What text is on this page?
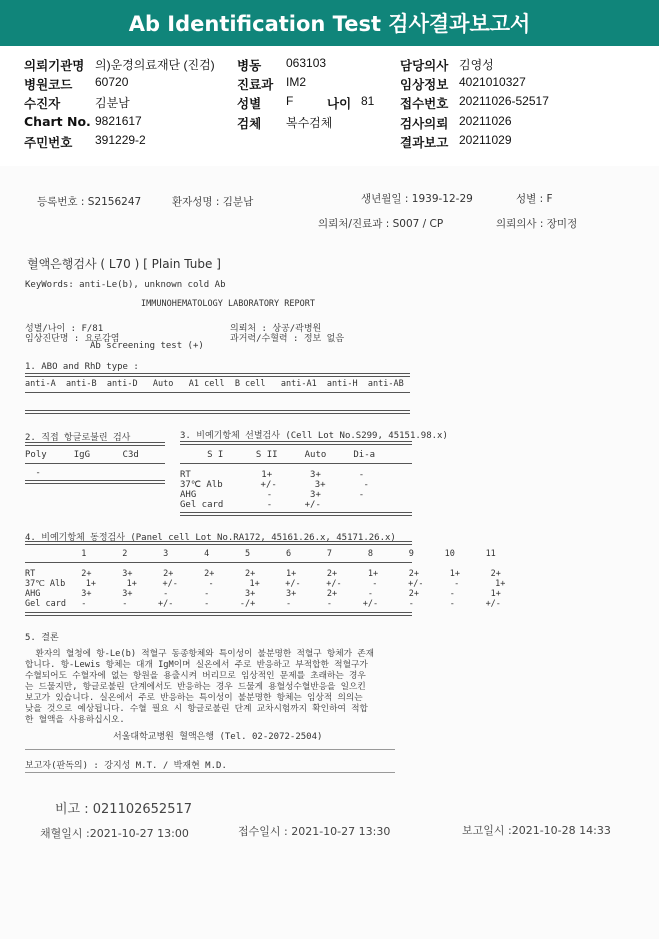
Ab Identification Test 검사결과보고서
의뢰기관명 의)운경의료재단 (진검)
병원코드 60720
수진자	김분남
Chart No. 9821617
주민번호 391229-2
병동 063103
진료과 IM2
성별 F	나이 81
검체 복수검체
담당의사 김영성
임상정보 4021010327
접수번호 20211026-52517
검사의뢰 20211026
결과보고 20211029
등록번호 : S2156247	환자성명 : 김분남	생년월일 : 1939-12-29	성별 : F
의뢰처/진료과 : S007 / CP	의뢰의사 : 장미정
혈액은행검사 ( L70 ) [ Plain Tube ]
KeyWords: anti-Le(b), unknown cold Ab
IMMUNOHEMATOLOGY LABORATORY REPORT
성별/나이 : F/81
임상진단명 : 요로감염
Ab screening test (+)
의뢰처 : 상공/곽병원
과거력/수혈력 : 정보 없음
1. ABO and RhD type :
anti-A  anti-B  anti-D   Auto   A1 cell  B cell   anti-A1  anti-H  anti-AB
2. 직접 항글로불린 검사
Poly     IgG      C3d
-
3. 비예기항체 선별검사 (Cell Lot No.S299, 45151.98.x)
S I      S II     Auto     Di-a
RT             1+       3+       -
37℃ Alb       +/-       3+       -
AHG             -       3+       -
Gel card        -      +/-
4. 비예기항체 동정검사 (Panel cell Lot No.RA172, 45161.26.x, 45171.26.x)
1       2       3       4       5       6       7       8       9      10      11
RT         2+      3+      2+      2+      2+      1+      2+      1+      2+      1+      2+
37℃ Alb    1+      1+     +/-      -       1+     +/-     +/-      -      +/-      -       1+
AHG        3+      3+      -       -       3+      3+      2+      -       2+      -       1+
Gel card   -       -      +/-      -      -/+      -       -      +/-      -       -      +/-
5. 결론
환자의 혈청에 항-Le(b) 적혈구 동종항체와 특이성이 불분명한 적혈구 항체가 존재
합니다. 항-Lewis 항체는 대개 IgM이며 실온에서 주로 반응하고 부적합한 적혈구가
수혈되어도 수혈자에 없는 항원을 용출시켜 버리므로 임상적인 문제를 초래하는 경우
는 드물지만, 항글로불린 단계에서도 반응하는 경우 드물게 용혈성수혈반응을 일으킨
보고가 있습니다. 실온에서 주로 반응하는 특이성이 불분명한 항체는 임상적 의의는
낮을 것으로 예상됩니다. 수혈 필요 시 항글로불린 단계 교차시험까지 확인하여 적합
한 혈액을 사용하십시오.
서울대학교병원 혈액은행 (Tel. 02-2072-2504)
보고자(판독의) : 강지성 M.T. / 박재현 M.D.
비고 : 021102652517
채혈일시 :2021-10-27 13:00	접수일시 : 2021-10-27 13:30	보고일시 :2021-10-28 14:33
